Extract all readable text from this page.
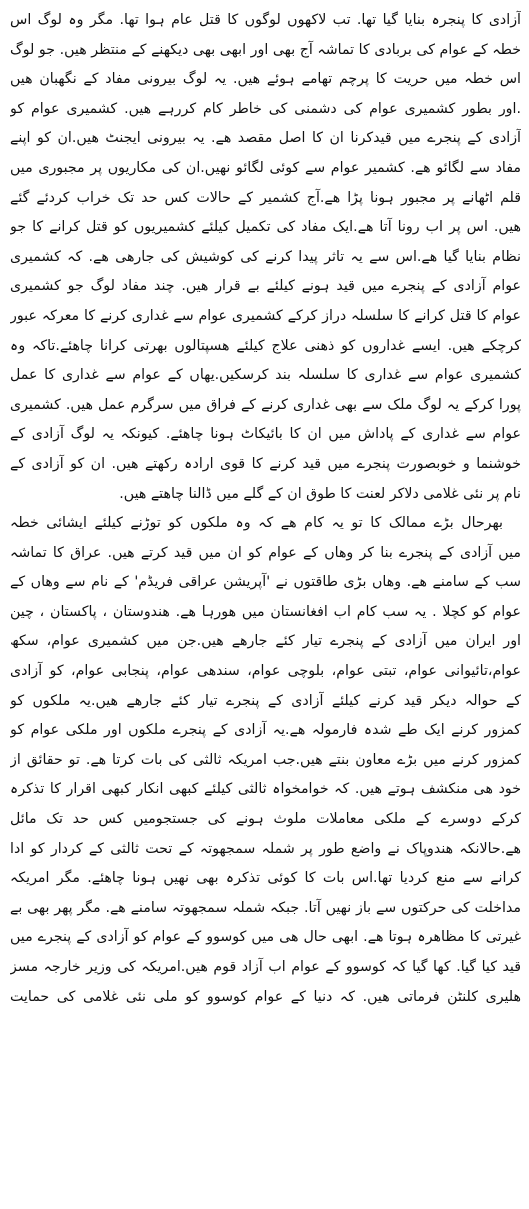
آزادی کا پنجرہ بنایا گیا تھا. تب لاکھوں لوگوں کا قتل عام ہوا تھا. مگر وہ لوگ اس
خطہ کے عوام کی بربادی کا تماشہ آج بھی اور ابھی بھی دیکھنے کے منتظر ھیں. جو لوگ
اس خطہ میں حریت کا پرچم تھامے ہوئے ھیں. یہ لوگ بیرونی مفاد کے نگھبان ھیں
.اور بطور کشمیری عوام کی دشمنی کی خاطر کام کررہے ھیں. کشمیری عوام کو
آزادی کے پنجرے میں قیدکرنا ان کا اصل مقصد ھے. یہ بیرونی ایجنٹ ھیں.ان کو اپنے
مفاد سے لگائو ھے. کشمیر عوام سے کوئی لگائو نھیں.ان کی مکاریوں پر مجبوری میں
قلم اٹھانے پر مجبور ہونا پڑا ھے.آج کشمیر کے حالات کس حد تک خراب کردئے گئے
ھیں. اس پر اب رونا آتا ھے.ایک مفاد کی تکمیل کیلئے کشمیریوں کو قتل کرانے کا جو
نظام بنایا گیا ھے.اس سے یہ تاثر پیدا کرنے کی کوشیش کی جارھی ھے. کہ کشمیری
عوام آزادی کے پنجرے میں قید ہونے کیلئے بے قرار ھیں. چند مفاد لوگ جو کشمیری
عوام کا قتل کرانے کا سلسلہ دراز کرکے کشمیری عوام سے غداری کرنے کا معرکہ عبور
کرچکے ھیں. ایسے غداروں کو ذھنی علاج کیلئے ھسپتالوں بھرتی کرانا چاھئے.تاکہ وہ
کشمیری عوام سے غداری کا سلسلہ بند کرسکیں.یھاں کے عوام سے غداری کا عمل
پورا کرکے یہ لوگ ملک سے بھی غداری کرنے کے فراق میں سرگرم عمل ھیں. کشمیری
عوام سے غداری کے پاداش میں ان کا بائیکاٹ ہونا چاھئے. کیونکہ یہ لوگ آزادی کے
خوشنما و خوبصورت پنجرے میں قید کرنے کا قوی ارادہ رکھتے ھیں. ان کو آزادی کے
نام پر نئی غلامی دلاکر لعنت کا طوق ان کے گلے میں ڈالنا چاھتے ھیں.
بھرحال بڑے ممالک کا تو یہ کام ھے کہ وہ ملکوں کو توڑنے کیلئے ایشائی خطہ
میں آزادی کے پنجرے بنا کر وھاں کے عوام کو ان میں قید کرتے ھیں. عراق کا تماشہ
سب کے سامنے ھے. وھاں بڑی طاقتوں نے 'آپریشن عراقی فریڈم' کے نام سے وھاں کے
عوام کو کچلا . یہ سب کام اب افغانستان میں ھورہا ھے. ھندوستان ، پاکستان ، چین
اور ایران میں آزادی کے پنجرے تیار کئے جارھے ھیں.جن میں کشمیری عوام، سکھ
عوام،تائیوانی عوام، تبتی عوام، بلوچی عوام، سندھی عوام، پنجابی عوام، کو آزادی
کے حوالہ دیکر قید کرنے کیلئے آزادی کے پنجرے تیار کئے جارھے ھیں.یہ ملکوں کو
کمزور کرنے ایک طے شدہ فارمولہ ھے.یہ آزادی کے پنجرے ملکوں اور ملکی عوام کو
کمزور کرنے میں بڑے معاون بنتے ھیں.جب امریکہ ثالثی کی بات کرتا ھے. تو حقائق از
خود ھی منکشف ہوتے ھیں. کہ خوامخواہ ثالثی کیلئے کبھی انکار کبھی اقرار کا تذکرہ
کرکے دوسرے کے ملکی معاملات ملوث ہونے کی جستجومیں کس حد تک مائل
ھے.حالانکہ ھندوپاک نے واضع طور پر شملہ سمجھوتہ کے تحت ثالثی کے کردار کو ادا
کرانے سے منع کردیا تھا.اس بات کا کوئی تذکرہ بھی نھیں ہونا چاھئے. مگر امریکہ
مداخلت کی حرکتوں سے باز نھیں آتا. جبکہ شملہ سمجھوتہ سامنے ھے. مگر پھر بھی بے
غیرتی کا مظاھرہ ہوتا ھے. ابھی حال ھی میں کوسوو کے عوام کو آزادی کے پنجرے میں
قید کیا گیا. کھا گیا کہ کوسوو کے عوام اب آزاد قوم ھیں.امریکہ کی وزیر خارجہ مسز
ھلیری کلنٹن فرماتی ھیں. کہ دنیا کے عوام کوسوو کو ملی نئی غلامی کی حمایت
